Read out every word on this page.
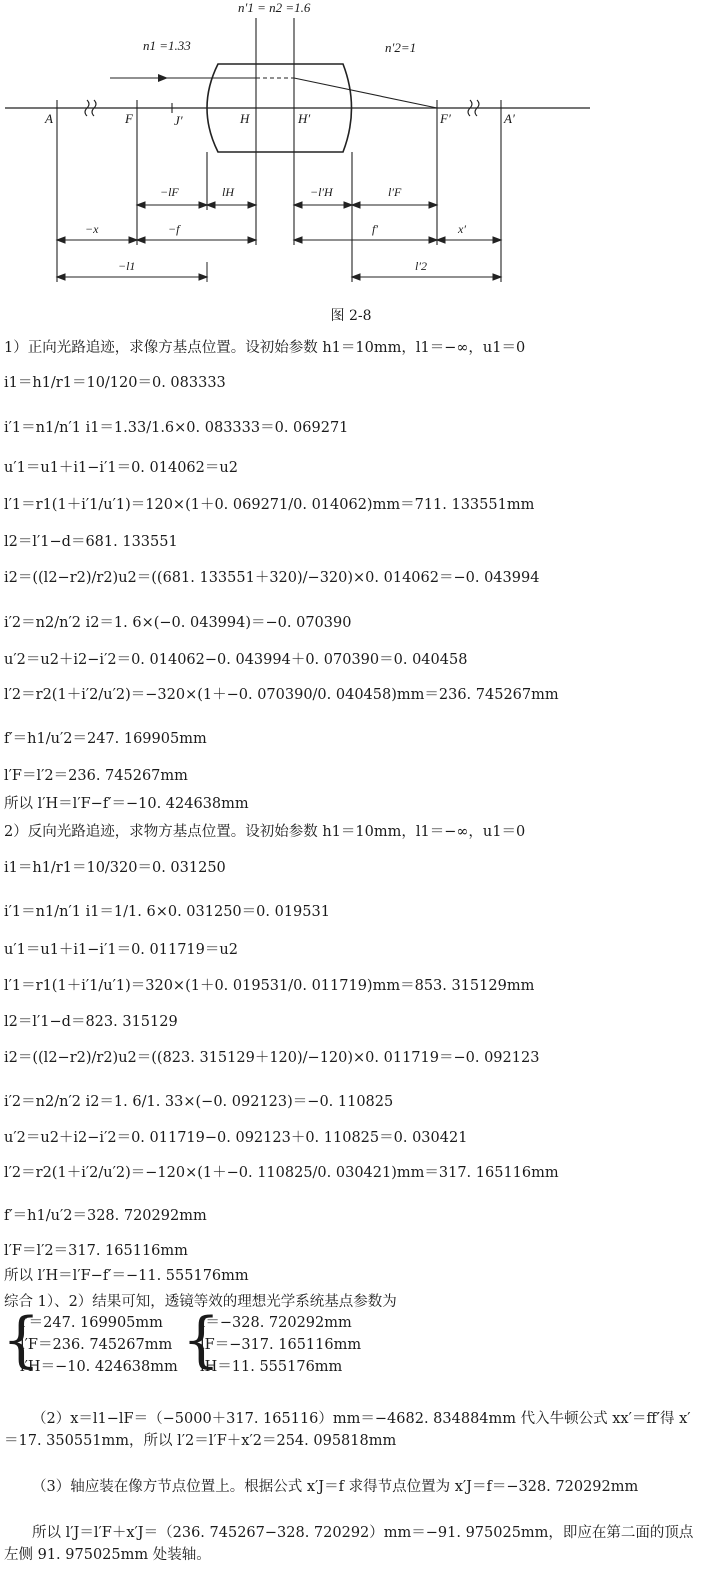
n′1 = n2 =1.6
n1 =1.33	n′2=1
A	F	J′	H	H′	F′	A′
−lF	lH	−l′H	l′F
−x	−f	f′	x′
−l1	l′2
图 2-8
1）正向光路追迹，求像方基点位置。设初始参数 h1＝10mm，l1＝−∞，u1＝0
i1＝h1/r1＝10/120＝0. 083333
i′1＝n1/n′1 i1＝1.33/1.6×0. 083333＝0. 069271
u′1＝u1＋i1−i′1＝0. 014062＝u2
l′1＝r1(1＋i′1/u′1)＝120×(1＋0. 069271/0. 014062)mm＝711. 133551mm
l2＝l′1−d＝681. 133551
i2＝((l2−r2)/r2)u2＝((681. 133551＋320)/−320)×0. 014062＝−0. 043994
i′2＝n2/n′2 i2＝1. 6×(−0. 043994)＝−0. 070390
u′2＝u2＋i2−i′2＝0. 014062−0. 043994＋0. 070390＝0. 040458
l′2＝r2(1＋i′2/u′2)＝−320×(1＋−0. 070390/0. 040458)mm＝236. 745267mm
f′＝h1/u′2＝247. 169905mm
l′F＝l′2＝236. 745267mm
所以 l′H＝l′F−f′＝−10. 424638mm
2）反向光路追迹，求物方基点位置。设初始参数 h1＝10mm，l1＝−∞，u1＝0
i1＝h1/r1＝10/320＝0. 031250
i′1＝n1/n′1 i1＝1/1. 6×0. 031250＝0. 019531
u′1＝u1＋i1−i′1＝0. 011719＝u2
l′1＝r1(1＋i′1/u′1)＝320×(1＋0. 019531/0. 011719)mm＝853. 315129mm
l2＝l′1−d＝823. 315129
i2＝((l2−r2)/r2)u2＝((823. 315129＋120)/−120)×0. 011719＝−0. 092123
i′2＝n2/n′2 i2＝1. 6/1. 33×(−0. 092123)＝−0. 110825
u′2＝u2＋i2−i′2＝0. 011719−0. 092123＋0. 110825＝0. 030421
l′2＝r2(1＋i′2/u′2)＝−120×(1＋−0. 110825/0. 030421)mm＝317. 165116mm
f′＝h1/u′2＝328. 720292mm
l′F＝l′2＝317. 165116mm
所以 l′H＝l′F−f′＝−11. 555176mm
综合 1）、2）结果可知，透镜等效的理想光学系统基点参数为
{
f′＝247. 169905mm
l′F＝236. 745267mm
l′H＝−10. 424638mm {
f＝−328. 720292mm
lF＝−317. 165116mm
lH＝11. 555176mm
（2）x＝l1−lF＝（−5000＋317. 165116）mm＝−4682. 834884mm 代入牛顿公式 xx′＝ff′得 x′＝17. 350551mm，所以 l′2＝l′F＋x′2＝254. 095818mm
（3）轴应装在像方节点位置上。根据公式 x′J＝f 求得节点位置为 x′J＝f＝−328. 720292mm
所以 l′J＝l′F＋x′J＝（236. 745267−328. 720292）mm＝−91. 975025mm，即应在第二面的顶点左侧 91. 975025mm 处装轴。
